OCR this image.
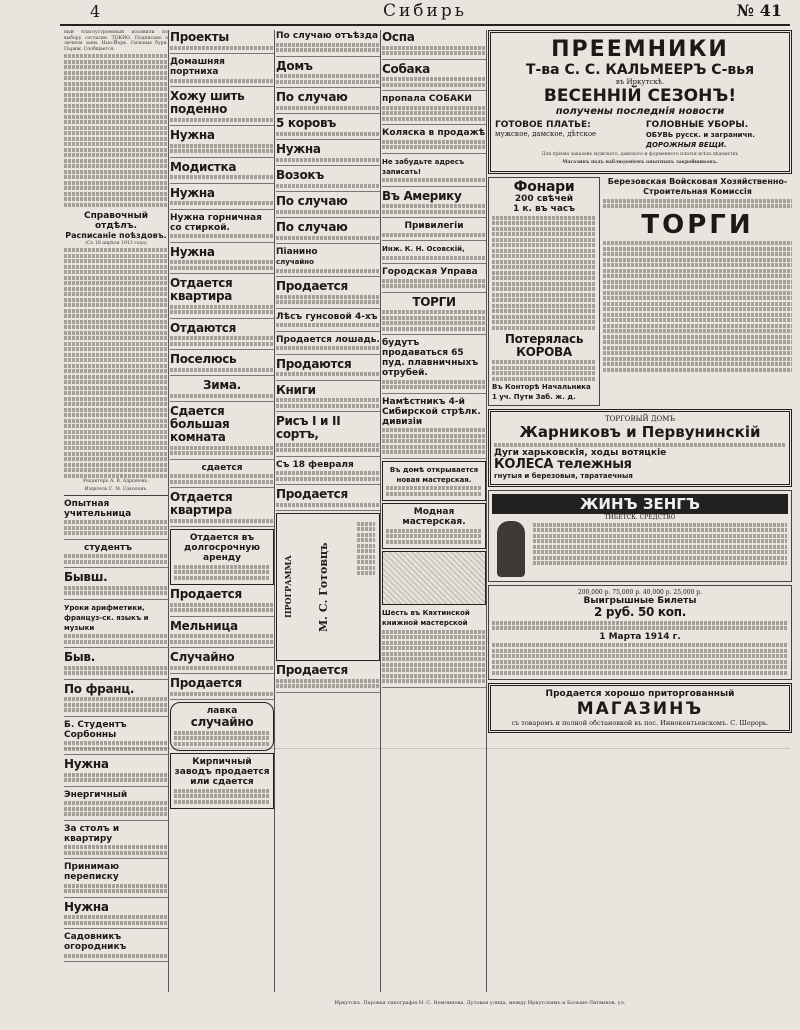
4	Сибирь	№ 41
ный благоустроенный изъявили по выбору согласие. ТОКИО. Подписано о личном заем. Нью-Йорк. Сильные бури. Париж. Сообщается.
Справочный отдѣлъ.
Расписаніе поѣздовъ.
(Съ 18 апрѣля 1913 года)
Редакторъ А. В. Адріановъ.
Издатель С. М. Соколовъ.
Опытная учительница
студентъ
Бывш.
Уроки арифметики, француз-ск. языкъ и музыки
Быв.
По франц.
Б. Студентъ Сорбонны
Нужна
Энергичный
За столъ и квартиру
Принимаю переписку
Нужна
Садовникъ огородникъ
Проекты
Домашняя портниха
Хожу шить поденно
Нужна
Модистка
Нужна
Нужна горничная со стиркой.
Нужна
Отдается квартира
Отдаются
Поселюсь
Зима.
Сдается большая комната
сдается
Отдается квартира
Отдается въ долгосрочную аренду
Продается
Мельница
Случайно
Продается
лавка
случайно
Кирпичный заводъ продается или сдается
По случаю отъѣзда
Домъ
По случаю
5 коровъ
Нужна
Возокъ
По случаю
По случаю
Піанино
случайно
Продается
Лѣсъ гунсовой 4-хъ
Продается лошадь.
Продаются
Книги
Рисъ I и II сортъ,
Съ 18 февраля
Продается
ПРОГРАММА	М. С. Готовцъ
Продается
Оспа
Собака
пропала СОБАКИ
Коляска в продажѣ
Не забудьте адресъ записать!
Въ Америку
Привилегіи
Инж. К. Н. Осовскій,
Городская Управа
ТОРГИ
будутъ продаваться 65 пуд. плавничныхъ отрубей.
Намѣстникъ 4-й Сибирской стрѣлк. дивизіи
Въ домѣ открывается новая мастерская.
Модная мастерская.
Шесть въ Кяхтинской книжной мастерской
ПРЕЕМНИКИ
Т-ва С. С. КАЛЬМЕЕРЪ С-вья
въ Иркутскѣ.
ВЕСЕННІЙ СЕЗОНЪ!
получены последнія новости
ГОТОВОЕ ПЛАТЬЕ:
мужское, дамское, дѣтское
ГОЛОВНЫЕ УБОРЫ.
ОБУВЬ русск. и заграничн.
ДОРОЖНЫЯ ВЕЩИ.
Для пріема заказовъ мужского, дамского и форменного платья всѣхъ вѣдомствъ
Магазинъ подъ наблюденіемъ опытныхъ закройщиковъ.
Фонари
200 свѣчей
1 к. въ часъ
Потерялась КОРОВА
Въ Конторѣ Начальника 1 уч. Пути Заб. ж. д.
Березовская Войсковая Хозяйственно-Строительная Комиссія
ТОРГИ
ТОРГОВЫЙ ДОМЪ
Жарниковъ и Первунинскій
Дуги харьковскія, ходы вотяцкіе
КОЛЕСА тележныя
гнутыя и березовыя, таратаечныя
ЖИНЪ ЗЕНГЪ
ТИБЕТСК. СРЕДСТВО
200,000 р. 75,000 р. 40,000 р. 25,000 р.
Выигрышные Билеты
2 руб. 50 коп.
1 Марта 1914 г.
Продается хорошо приторгованный
МАГАЗИНЪ
съ товаромъ и полной обстановкой въ пос. Иннокентьевскомъ. С. Шорорь.
Иркутскъ. Паровая типографія Н. С. Немчинова. Дутовая улица, между Иркутскимъ и Больше-Литвинов. ул.
